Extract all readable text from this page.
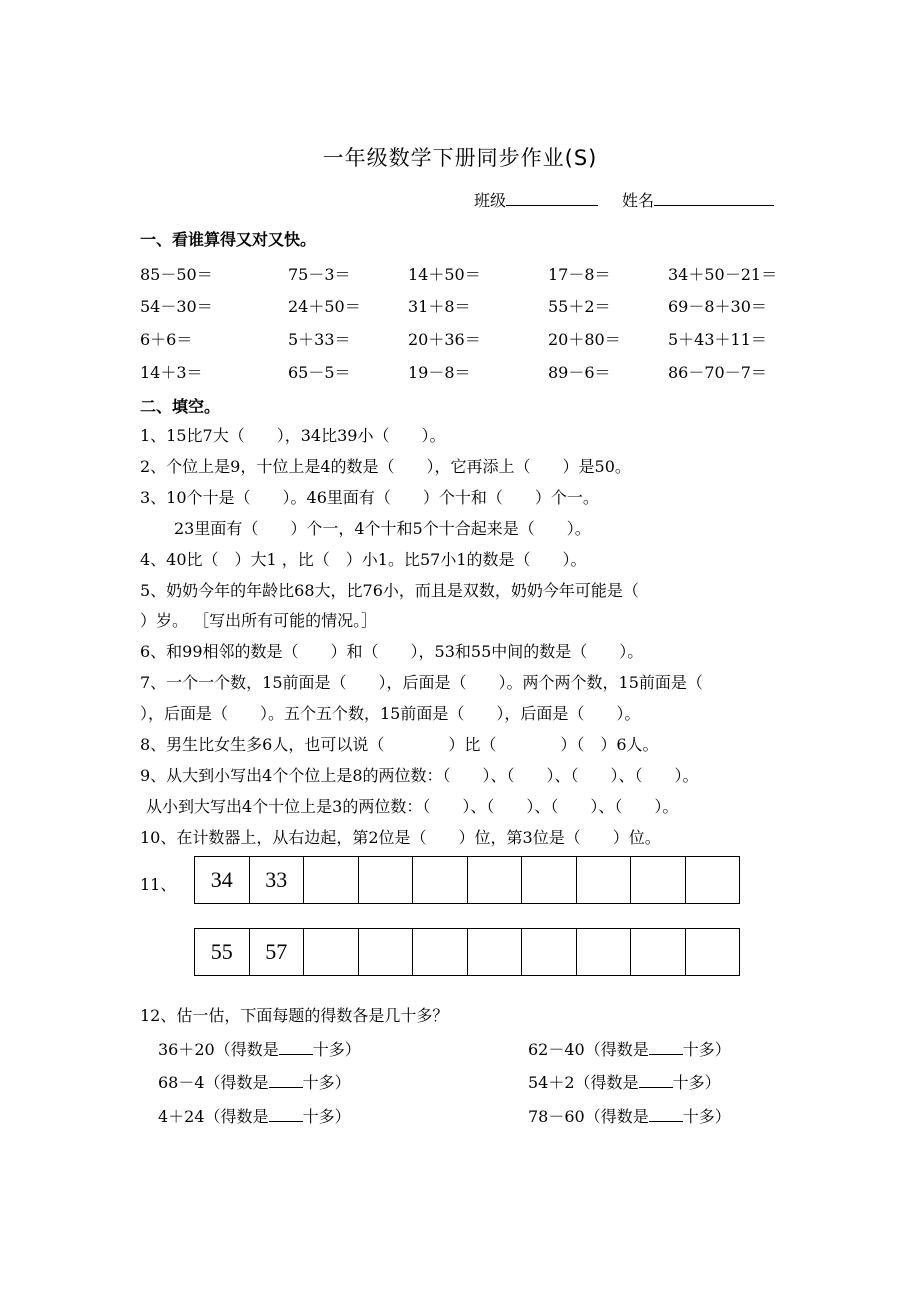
一年级数学下册同步作业(S)
班级	姓名
一、看谁算得又对又快。
85－50＝	75－3＝	14＋50＝	17－8＝	34＋50－21＝
54－30＝	24＋50＝	31＋8＝	55＋2＝	69－8＋30＝
6＋6＝	5＋33＝	20＋36＝	20＋80＝	5＋43＋11＝
14＋3＝	65－5＝	19－8＝	89－6＝	86－70－7＝
二、填空。
1、15比7大（　　），34比39小（　　）。
2、个位上是9，十位上是4的数是（　　），它再添上（　　）是50。
3、10个十是（　　）。46里面有（　　）个十和（　　）个一。
　23里面有（　　）个一，4个十和5个十合起来是（　　）。
4、40比（　）大1 ，比（　）小1。比57小1的数是（　　）。
5、奶奶今年的年龄比68大，比76小，而且是双数，奶奶今年可能是（
）岁。 ［写出所有可能的情况。］
6、和99相邻的数是（　　）和（　　），53和55中间的数是（　　）。
7、一个一个数，15前面是（　　），后面是（　　）。两个两个数，15前面是（
），后面是（　　）。五个五个数，15前面是（　　），后面是（　　）。
8、男生比女生多6人，也可以说（　　　　）比（　　　　）（　）6人。
9、从大到小写出4个个位上是8的两位数：（　　）、（　　）、（　　）、（　　）。
从小到大写出4个十位上是3的两位数：（　　）、（　　）、（　　）、（　　）。
10、在计数器上，从右边起，第2位是（　　）位，第3位是（　　）位。
11、	34	33
55	57
12、估一估，下面每题的得数各是几十多？
36＋20（得数是 十多）
68－4（得数是 十多）
4＋24（得数是 十多）
62－40（得数是 十多）
54＋2（得数是 十多）
78－60（得数是 十多）
